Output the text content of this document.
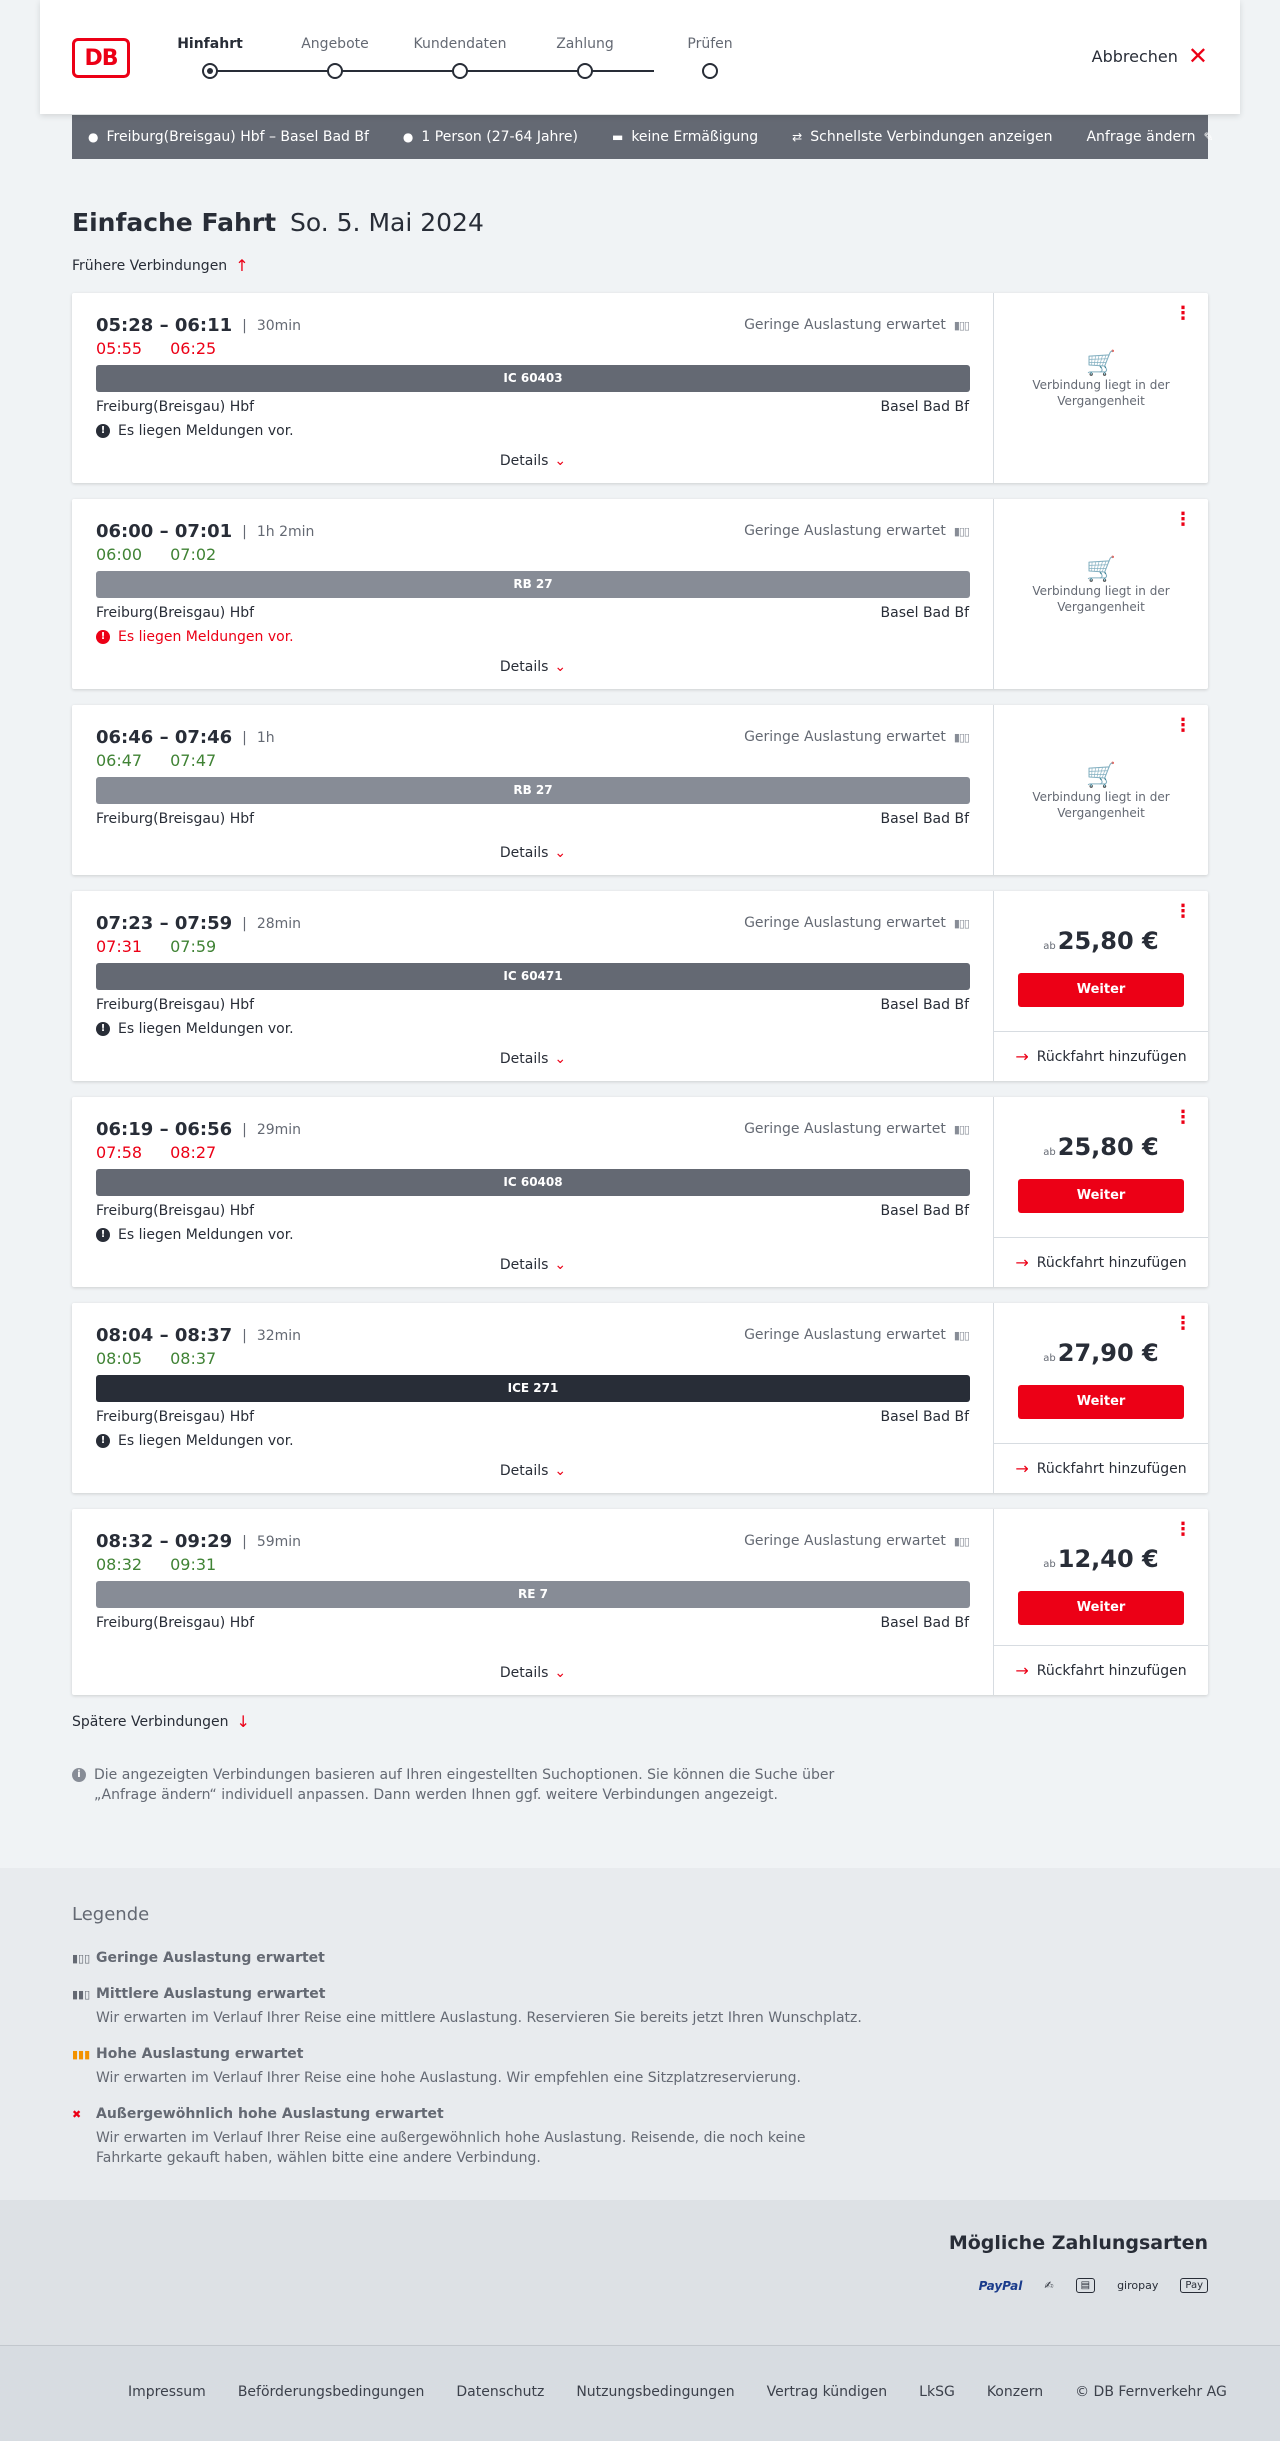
DB
Hinfahrt	Angebote	Kundendaten	Zahlung	Prüfen
Abbrechen ✕
● Freiburg(Breisgau) Hbf – Basel Bad Bf	● 1 Person (27-64 Jahre)	▬ keine Ermäßigung	⇄ Schnellste Verbindungen anzeigen Anfrage ändern ✎
Einfache Fahrt So. 5. Mai 2024
Frühere Verbindungen ↑
05:28 – 06:11 | 30min
05:55 06:25
Geringe Auslastung erwartet ▮▯▯
IC 60403
Freiburg(Breisgau) Hbf	Basel Bad Bf
! Es liegen Meldungen vor.
Details ⌄
⋮
🛒
Verbindung liegt in der Vergangenheit
06:00 – 07:01 | 1h 2min
06:00 07:02
Geringe Auslastung erwartet ▮▯▯
RB 27
Freiburg(Breisgau) Hbf	Basel Bad Bf
! Es liegen Meldungen vor.
Details ⌄
⋮
🛒
Verbindung liegt in der Vergangenheit
06:46 – 07:46 | 1h
06:47 07:47
Geringe Auslastung erwartet ▮▯▯
RB 27
Freiburg(Breisgau) Hbf	Basel Bad Bf
Details ⌄
⋮
🛒
Verbindung liegt in der Vergangenheit
07:23 – 07:59 | 28min
07:31 07:59
Geringe Auslastung erwartet ▮▯▯
IC 60471
Freiburg(Breisgau) Hbf	Basel Bad Bf
! Es liegen Meldungen vor.
Details ⌄
⋮
ab25,80 €
Weiter
→ Rückfahrt hinzufügen
06:19 – 06:56 | 29min
07:58 08:27
Geringe Auslastung erwartet ▮▯▯
IC 60408
Freiburg(Breisgau) Hbf	Basel Bad Bf
! Es liegen Meldungen vor.
Details ⌄
⋮
ab25,80 €
Weiter
→ Rückfahrt hinzufügen
08:04 – 08:37 | 32min
08:05 08:37
Geringe Auslastung erwartet ▮▯▯
ICE 271
Freiburg(Breisgau) Hbf	Basel Bad Bf
! Es liegen Meldungen vor.
Details ⌄
⋮
ab27,90 €
Weiter
→ Rückfahrt hinzufügen
08:32 – 09:29 | 59min
08:32 09:31
Geringe Auslastung erwartet ▮▯▯
RE 7
Freiburg(Breisgau) Hbf	Basel Bad Bf
Details ⌄
⋮
ab12,40 €
Weiter
→ Rückfahrt hinzufügen
Spätere Verbindungen ↓
i Die angezeigten Verbindungen basieren auf Ihren eingestellten Suchoptionen. Sie können die Suche über „Anfrage ändern“ individuell anpassen. Dann werden Ihnen ggf. weitere Verbindungen angezeigt.
Legende
▮▯▯ Geringe Auslastung erwartet
▮▮▯ Mittlere Auslastung erwartet
Wir erwarten im Verlauf Ihrer Reise eine mittlere Auslastung. Reservieren Sie bereits jetzt Ihren Wunschplatz.
▮▮▮ Hohe Auslastung erwartet
Wir erwarten im Verlauf Ihrer Reise eine hohe Auslastung. Wir empfehlen eine Sitzplatzreservierung.
✖	Außergewöhnlich hohe Auslastung erwartet
Wir erwarten im Verlauf Ihrer Reise eine außergewöhnlich hohe Auslastung. Reisende, die noch keine Fahrkarte gekauft haben, wählen bitte eine andere Verbindung.
Mögliche Zahlungsarten
PayPal ✍	▤	giropay	Pay
Impressum Beförderungsbedingungen Datenschutz Nutzungsbedingungen Vertrag kündigen LkSG Konzern © DB Fernverkehr AG
